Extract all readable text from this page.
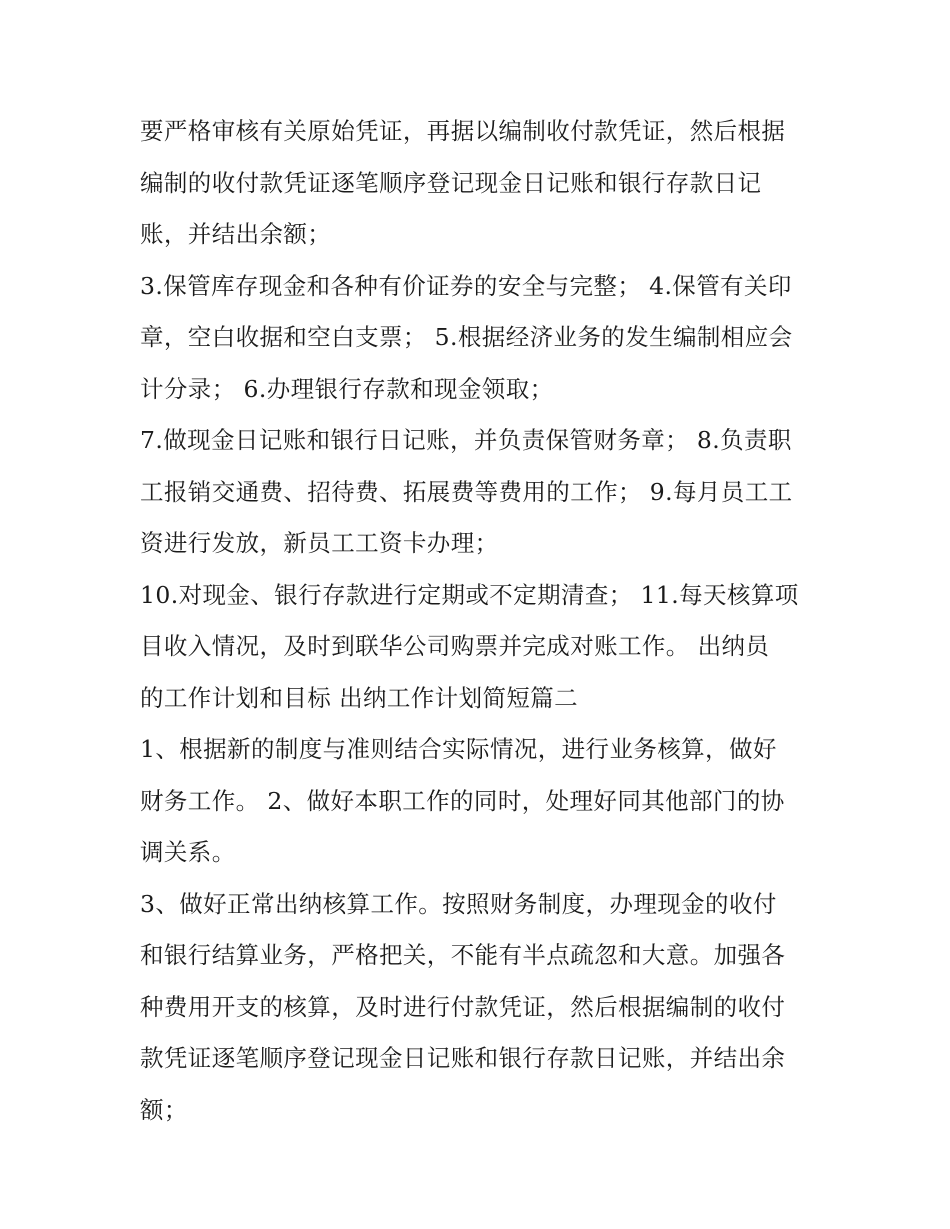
要严格审核有关原始凭证，再据以编制收付款凭证，然后根据
编制的收付款凭证逐笔顺序登记现金日记账和银行存款日记
账，并结出余额；

3.保管库存现金和各种有价证券的安全与完整； 4.保管有关印
章，空白收据和空白支票； 5.根据经济业务的发生编制相应会
计分录； 6.办理银行存款和现金领取；

7.做现金日记账和银行日记账，并负责保管财务章； 8.负责职
工报销交通费、招待费、拓展费等费用的工作； 9.每月员工工
资进行发放，新员工工资卡办理；

10.对现金、银行存款进行定期或不定期清查； 11.每天核算项
目收入情况，及时到联华公司购票并完成对账工作。 出纳员
的工作计划和目标 出纳工作计划简短篇二

1、根据新的制度与准则结合实际情况，进行业务核算，做好
财务工作。 2、做好本职工作的同时，处理好同其他部门的协
调关系。

3、做好正常出纳核算工作。按照财务制度，办理现金的收付
和银行结算业务，严格把关，不能有半点疏忽和大意。加强各
种费用开支的核算，及时进行付款凭证，然后根据编制的收付
款凭证逐笔顺序登记现金日记账和银行存款日记账，并结出余
额；
